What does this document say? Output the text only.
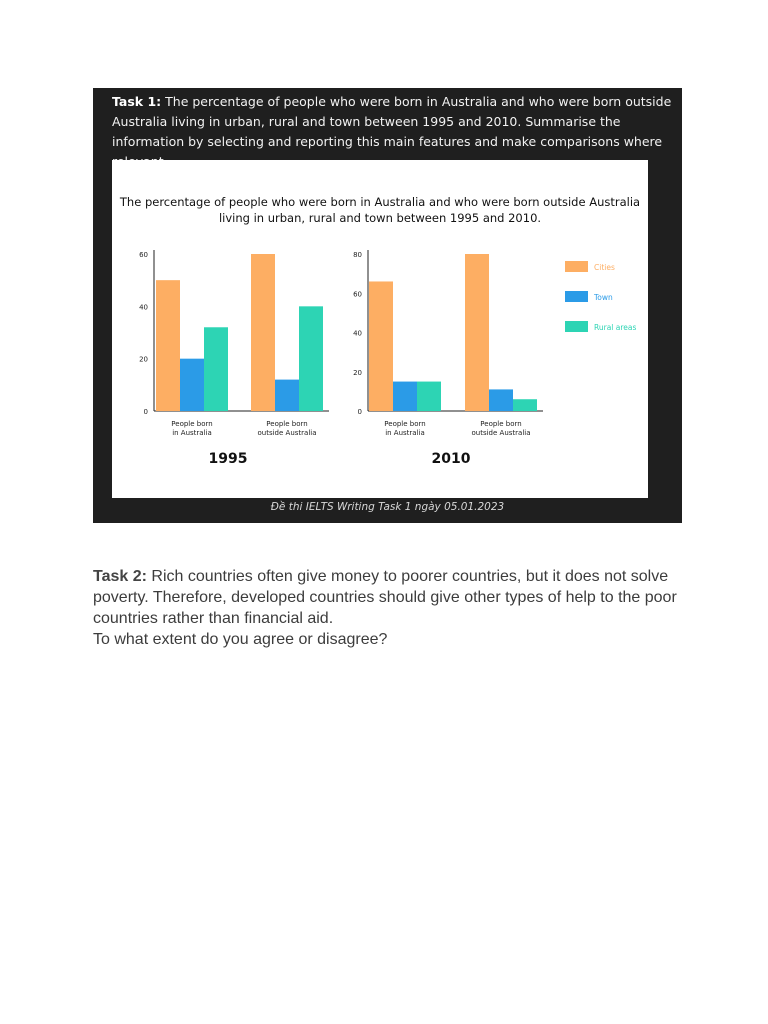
Task 1: The percentage of people who were born in Australia and who were born outside Australia living in urban, rural and town between 1995 and 2010. Summarise the information by selecting and reporting this main features and make comparisons where
The percentage of people who were born in Australia and who were born outside Australia
living in urban, rural and town between 1995 and 2010.
0
20
40
60
People born
in Australia
People born
outside Australia
1995
0
20
40
60
80
People born
in Australia
People born
outside Australia
2010
Cities
Town
Rural areas
Đề thi IELTS Writing Task 1 ngày 05.01.2023

Task 2: Rich countries often give money to poorer countries, but it does not solve poverty. Therefore, developed countries should give other types of help to the poor countries rather than financial aid.

To what extent do you agree or disagree?
